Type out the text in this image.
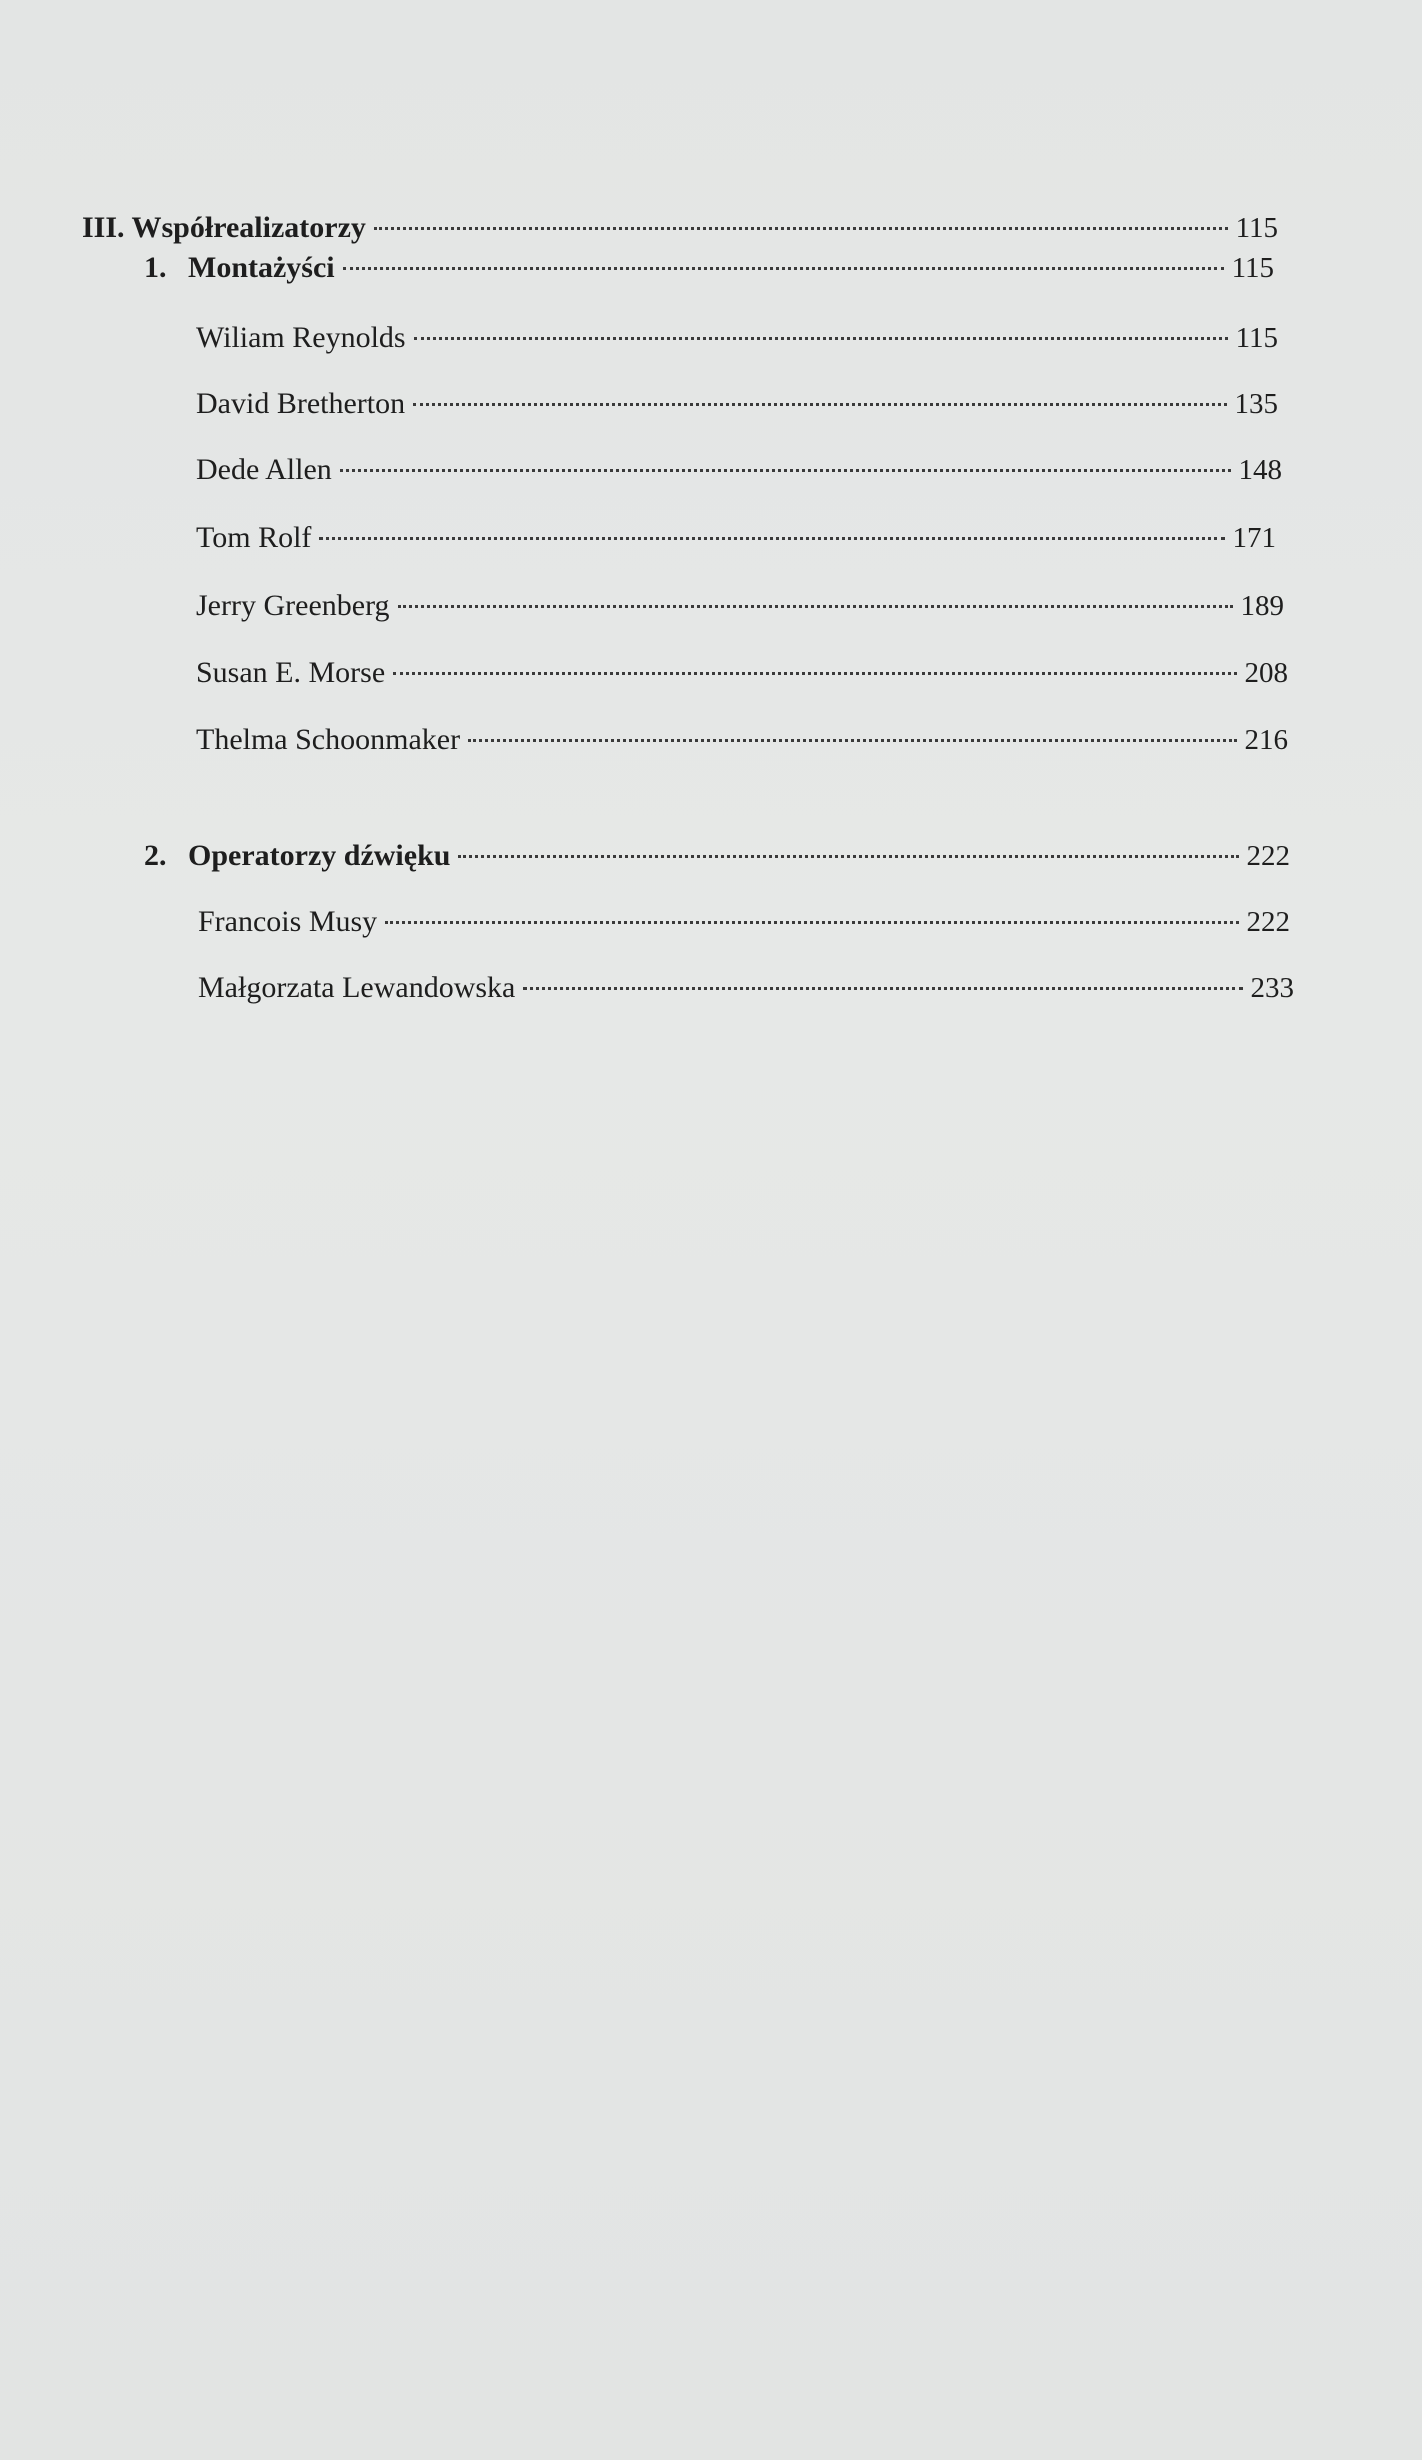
III. Współrealizatorzy	115
1. Montażyści	115
Wiliam Reynolds	115
David Bretherton	135
Dede Allen	148
Tom Rolf	171
Jerry Greenberg	189
Susan E. Morse	208
Thelma Schoonmaker	216
2. Operatorzy dźwięku	222
Francois Musy	222
Małgorzata Lewandowska	233
